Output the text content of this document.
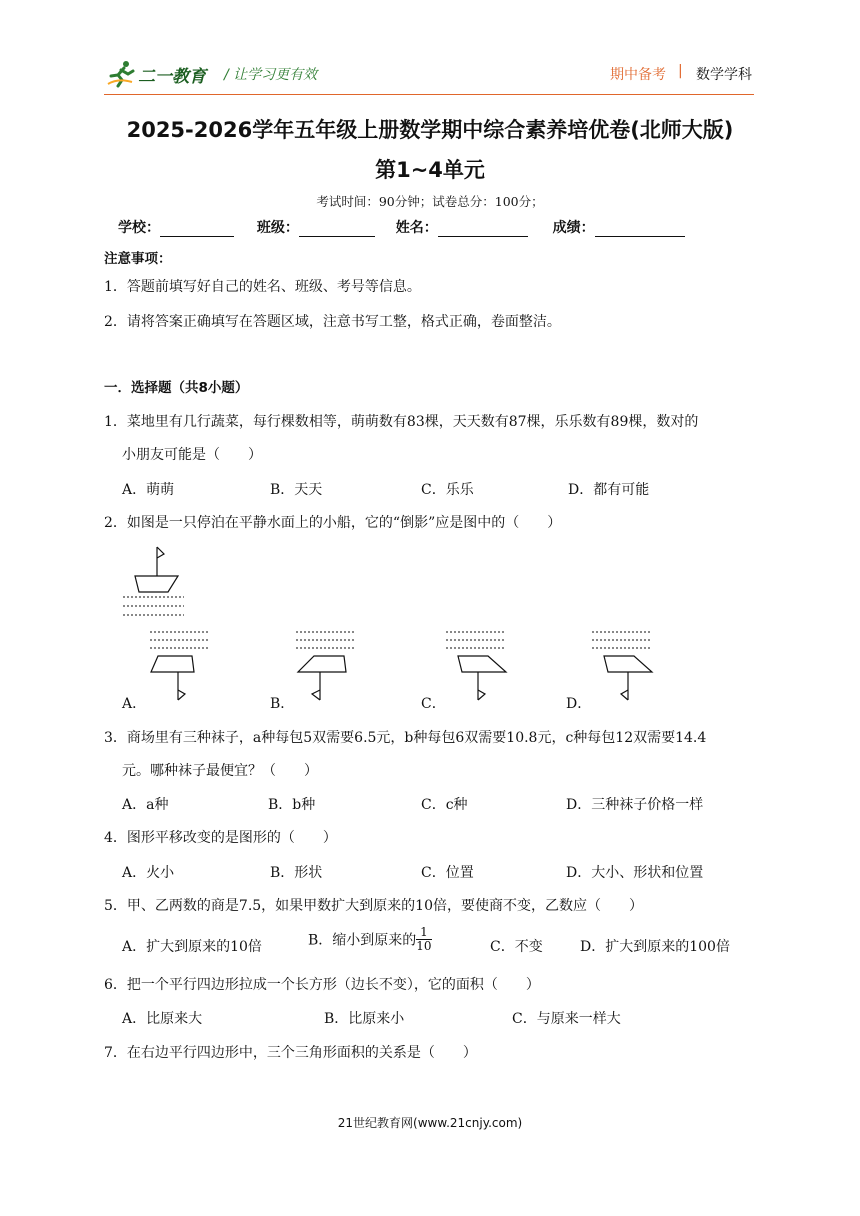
二一教育 / 让学习更有效	期中备考 | 数学学科
2025-2026学年五年级上册数学期中综合素养培优卷(北师大版)
第1~4单元
考试时间：90分钟；试卷总分：100分；
学校：	班级：	姓名：	成绩：
注意事项：
1．答题前填写好自己的姓名、班级、考号等信息。
2．请将答案正确填写在答题区域，注意书写工整，格式正确，卷面整洁。
一．选择题（共8小题）
1．菜地里有几行蔬菜，每行棵数相等，萌萌数有83棵，天天数有87棵，乐乐数有89棵，数对的
小朋友可能是（　　）
A．萌萌	B．天天	C．乐乐	D．都有可能
2．如图是一只停泊在平静水面上的小船，它的“倒影”应是图中的（　　）
A．	B．	C．	D．
3．商场里有三种袜子，a种每包5双需要6.5元，b种每包6双需要10.8元，c种每包12双需要14.4
元。哪种袜子最便宜？（　　）
A．a种	B．b种	C．c种	D．三种袜子价格一样
4．图形平移改变的是图形的（　　）
A．火小	B．形状	C．位置	D．大小、形状和位置
5．甲、乙两数的商是7.5，如果甲数扩大到原来的10倍，要使商不变，乙数应（　　）
A．扩大到原来的10倍	B．缩小到原来的 $\frac{1}{10}$	C．不变	D．扩大到原来的100倍
6．把一个平行四边形拉成一个长方形（边长不变），它的面积（　　）
A．比原来大	B．比原来小	C．与原来一样大
7．在右边平行四边形中，三个三角形面积的关系是（　　）
21世纪教育网(www.21cnjy.com)
